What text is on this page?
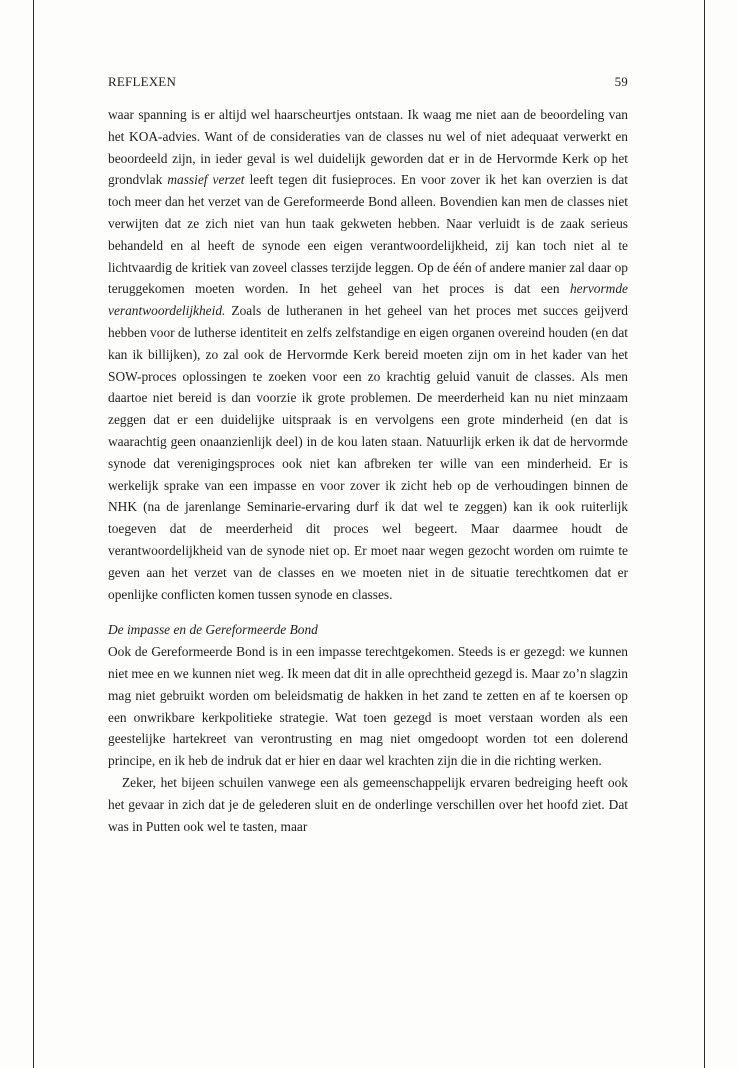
REFLEXEN	59

waar spanning is er altijd wel haarscheurtjes ontstaan. Ik waag me niet aan de beoordeling van het KOA-advies. Want of de consideraties van de classes nu wel of niet adequaat verwerkt en beoordeeld zijn, in ieder geval is wel duidelijk geworden dat er in de Hervormde Kerk op het grondvlak massief verzet leeft tegen dit fusieproces. En voor zover ik het kan overzien is dat toch meer dan het verzet van de Gereformeerde Bond alleen. Bovendien kan men de classes niet verwijten dat ze zich niet van hun taak gekweten hebben. Naar verluidt is de zaak serieus behandeld en al heeft de synode een eigen verantwoordelijkheid, zij kan toch niet al te lichtvaardig de kritiek van zoveel classes terzijde leggen. Op de één of andere manier zal daar op teruggekomen moeten worden. In het geheel van het proces is dat een hervormde verantwoordelijkheid. Zoals de lutheranen in het geheel van het proces met succes geijverd hebben voor de lutherse identiteit en zelfs zelfstandige en eigen organen overeind houden (en dat kan ik billijken), zo zal ook de Hervormde Kerk bereid moeten zijn om in het kader van het SOW-proces oplossingen te zoeken voor een zo krachtig geluid vanuit de classes. Als men daartoe niet bereid is dan voorzie ik grote problemen. De meerderheid kan nu niet minzaam zeggen dat er een duidelijke uitspraak is en vervolgens een grote minderheid (en dat is waarachtig geen onaanzienlijk deel) in de kou laten staan. Natuurlijk erken ik dat de hervormde synode dat verenigingsproces ook niet kan afbreken ter wille van een minderheid. Er is werkelijk sprake van een impasse en voor zover ik zicht heb op de verhoudingen binnen de NHK (na de jarenlange Seminarie-ervaring durf ik dat wel te zeggen) kan ik ook ruiterlijk toegeven dat de meerderheid dit proces wel begeert. Maar daarmee houdt de verantwoordelijkheid van de synode niet op. Er moet naar wegen gezocht worden om ruimte te geven aan het verzet van de classes en we moeten niet in de situatie terechtkomen dat er openlijke conflicten komen tussen synode en classes.

De impasse en de Gereformeerde Bond

Ook de Gereformeerde Bond is in een impasse terechtgekomen. Steeds is er gezegd: we kunnen niet mee en we kunnen niet weg. Ik meen dat dit in alle oprechtheid gezegd is. Maar zo’n slagzin mag niet gebruikt worden om beleidsmatig de hakken in het zand te zetten en af te koersen op een onwrikbare kerkpolitieke strategie. Wat toen gezegd is moet verstaan worden als een geestelijke hartekreet van verontrusting en mag niet omgedoopt worden tot een dolerend principe, en ik heb de indruk dat er hier en daar wel krachten zijn die in die richting werken.

Zeker, het bijeen schuilen vanwege een als gemeenschappelijk ervaren bedreiging heeft ook het gevaar in zich dat je de gelederen sluit en de onderlinge verschillen over het hoofd ziet. Dat was in Putten ook wel te tasten, maar
